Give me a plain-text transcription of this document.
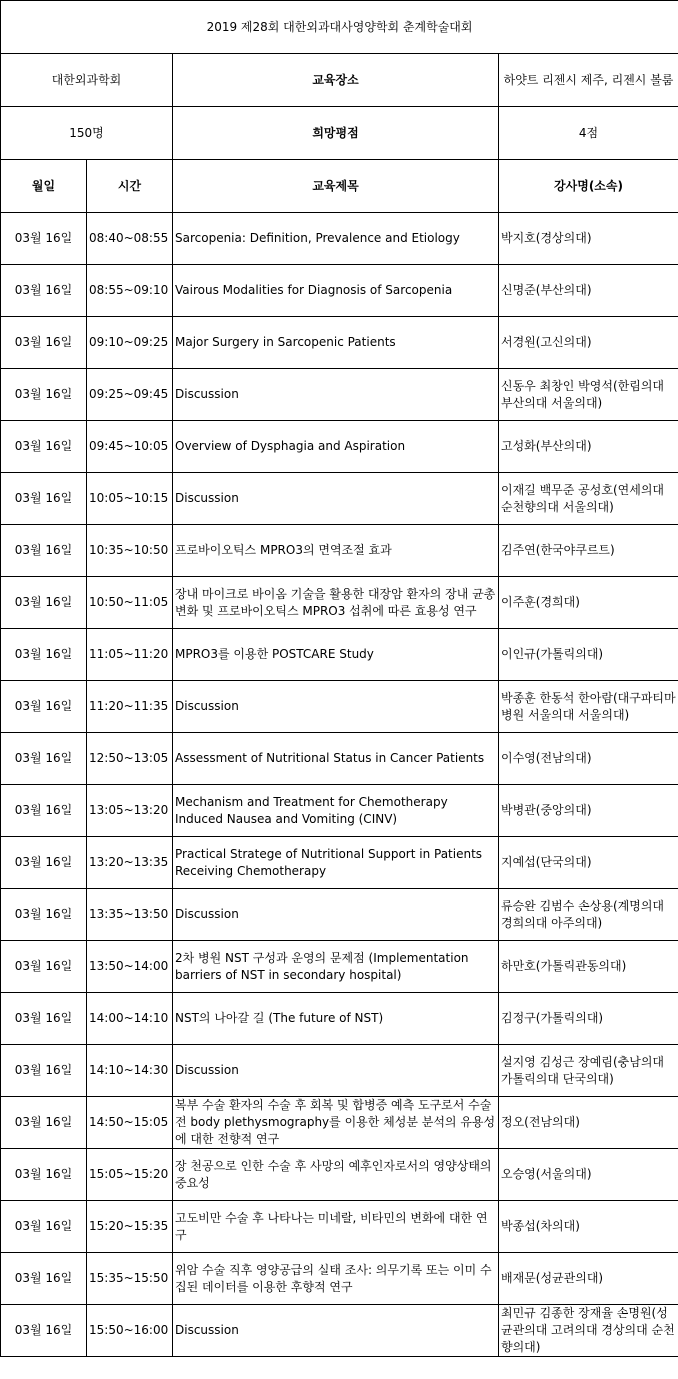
2019 제28회 대한외과대사영양학회 춘계학술대회			
대한외과학회		교육장소	하얏트 리젠시 제주, 리젠시 볼룸
150명		희망평점	4점
월일	시간	교육제목	강사명(소속)
03월 16일	08:40~08:55	Sarcopenia: Definition, Prevalence and Etiology	박지호(경상의대)
03월 16일	08:55~09:10	Vairous Modalities for Diagnosis of Sarcopenia	신명준(부산의대)
03월 16일	09:10~09:25	Major Surgery in Sarcopenic Patients	서경원(고신의대)
03월 16일	09:25~09:45	Discussion	신동우 최창인 박영석(한림의대 부산의대 서울의대)
03월 16일	09:45~10:05	Overview of Dysphagia and Aspiration	고성화(부산의대)
03월 16일	10:05~10:15	Discussion	이재길 백무준 공성호(연세의대 순천향의대 서울의대)
03월 16일	10:35~10:50	프로바이오틱스 MPRO3의 면역조절 효과	김주연(한국야쿠르트)
03월 16일	10:50~11:05	장내 마이크로 바이옴 기술을 활용한 대장암 환자의 장내 균총 변화 및 프로바이오틱스 MPRO3 섭취에 따른 효용성 연구	이주훈(경희대)
03월 16일	11:05~11:20	MPRO3를 이용한 POSTCARE Study	이인규(가톨릭의대)
03월 16일	11:20~11:35	Discussion	박종훈 한동석 한아람(대구파티마병원 서울의대 서울의대)
03월 16일	12:50~13:05	Assessment of Nutritional Status in Cancer Patients	이수영(전남의대)
03월 16일	13:05~13:20	Mechanism and Treatment for Chemotherapy Induced Nausea and Vomiting (CINV)	박병관(중앙의대)
03월 16일	13:20~13:35	Practical Stratege of Nutritional Support in Patients Receiving Chemotherapy	지예섭(단국의대)
03월 16일	13:35~13:50	Discussion	류승완 김범수 손상용(계명의대 경희의대 아주의대)
03월 16일	13:50~14:00	2차 병원 NST 구성과 운영의 문제점 (Implementation barriers of NST in secondary hospital)	하만호(가톨릭관동의대)
03월 16일	14:00~14:10	NST의 나아갈 길 (The future of NST)	김정구(가톨릭의대)
03월 16일	14:10~14:30	Discussion	설지영 김성근 장예림(충남의대 가톨릭의대 단국의대)
03월 16일	14:50~15:05	복부 수술 환자의 수술 후 회복 및 합병증 예측 도구로서 수술 전 body plethysmography를 이용한 체성분 분석의 유용성에 대한 전향적 연구	정오(전남의대)
03월 16일	15:05~15:20	장 천공으로 인한 수술 후 사망의 예후인자로서의 영양상태의 중요성	오승영(서울의대)
03월 16일	15:20~15:35	고도비만 수술 후 나타나는 미네랄, 비타민의 변화에 대한 연구	박종섭(차의대)
03월 16일	15:35~15:50	위암 수술 직후 영양공급의 실태 조사: 의무기록 또는 이미 수집된 데이터를 이용한 후향적 연구	배재문(성균관의대)
03월 16일	15:50~16:00	Discussion	최민규 김종한 장재율 손명원(성균관의대 고려의대 경상의대 순천향의대)
